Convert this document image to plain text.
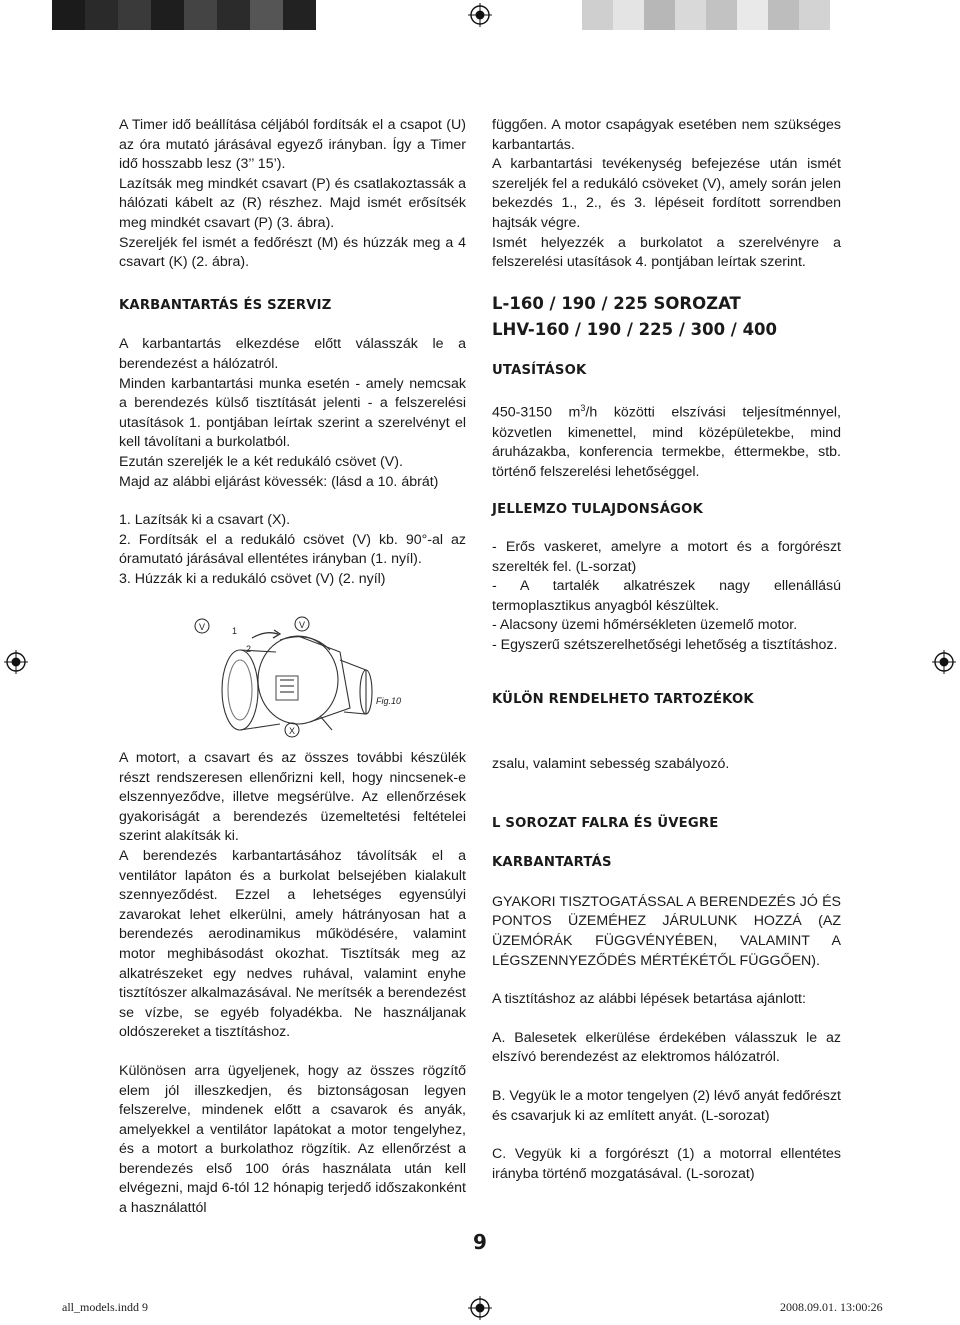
A Timer idő beállítása céljából fordítsák el a csapot (U) az óra mutató járásával egyező irányban. Így a Timer idő hosszabb lesz (3’’ 15’).

Lazítsák meg mindkét csavart (P) és csatlakoztassák a hálózati kábelt az (R) részhez. Majd ismét erősítsék meg mindkét csavart (P) (3. ábra).

Szereljék fel ismét a fedőrészt (M) és húzzák meg a 4 csavart (K) (2. ábra).

KARBANTARTÁS ÉS SZERVIZ

A karbantartás elkezdése előtt válasszák le a berendezést a hálózatról.

Minden karbantartási munka esetén - amely nemcsak a berendezés külső tisztítását jelenti - a felszerelési utasítások 1. pontjában leírtak szerint a szerelvényt el kell távolítani a burkolatból.

Ezután szereljék le a két redukáló csövet (V).

Majd az alábbi eljárást kövessék: (lásd a 10. ábrát)

1. Lazítsák ki a csavart (X).

2. Fordítsák el a redukáló csövet (V) kb. 90°-al az óramutató járásával ellentétes irányban (1. nyíl).

3. Húzzák ki a redukáló csövet (V) (2. nyíl)

V	V
X
1
2
Fig.10

A motort, a csavart és az összes további készülék részt rendszeresen ellenőrizni kell, hogy nincsenek-e elszennyeződve, illetve megsérülve. Az ellenőrzések gyakoriságát a berendezés üzemeltetési feltételei szerint alakítsák ki.

A berendezés karbantartásához távolítsák el a ventilátor lapáton és a burkolat belsejében kialakult szennyeződést. Ezzel a lehetséges egyensúlyi zavarokat lehet elkerülni, amely hátrányosan hat a berendezés aerodinamikus működésére, valamint motor meghibásodást okozhat. Tisztítsák meg az alkatrészeket egy nedves ruhával, valamint enyhe tisztítószer alkalmazásával. Ne merítsék a berendezést se vízbe, se egyéb folyadékba. Ne használjanak oldószereket a tisztításhoz.

Különösen arra ügyeljenek, hogy az összes rögzítő elem jól illeszkedjen, és biztonságosan legyen felszerelve, mindenek előtt a csavarok és anyák, amelyekkel a ventilátor lapátokat a motor tengelyhez, és a motort a burkolathoz rögzítik. Az ellenőrzést a berendezés első 100 órás használata után kell elvégezni, majd 6-tól 12 hónapig terjedő időszakonként a használattól

függően. A motor csapágyak esetében nem szükséges karbantartás.

A karbantartási tevékenység befejezése után ismét szereljék fel a redukáló csöveket (V), amely során jelen bekezdés 1., 2., és 3. lépéseit fordított sorrendben hajtsák végre.

Ismét helyezzék a burkolatot a szerelvényre a felszerelési utasítások 4. pontjában leírtak szerint.

L-160 / 190 / 225 SOROZAT

LHV-160 / 190 / 225 / 300 / 400

UTASÍTÁSOK

450-3150 $m^3/h$ közötti elszívási teljesítménnyel, közvetlen kimenettel, mind középületekbe, mind áruházakba, konferencia termekbe, éttermekbe, stb. történő felszerelési lehetőséggel.

JELLEMZO TULAJDONSÁGOK

- Erős vaskeret, amelyre a motort és a forgórészt szerelték fel. (L-sorzat)

- A tartalék alkatrészek nagy ellenállású termoplasztikus anyagból készültek.

- Alacsony üzemi hőmérsékleten üzemelő motor.

- Egyszerű szétszerelhetőségi lehetőség a tisztításhoz.

KÜLÖN RENDELHETO TARTOZÉKOK

zsalu, valamint sebesség szabályozó.

L SOROZAT FALRA ÉS ÜVEGRE

KARBANTARTÁS

GYAKORI TISZTOGATÁSSAL A BERENDEZÉS JÓ ÉS PONTOS ÜZEMÉHEZ JÁRULUNK HOZZÁ (AZ ÜZEMÓRÁK FÜGGVÉNYÉBEN, VALAMINT A LÉGSZENNYEZŐDÉS MÉRTÉKÉTŐL FÜGGŐEN).

A tisztításhoz az alábbi lépések betartása ajánlott:

A. Balesetek elkerülése érdekében válasszuk le az elszívó berendezést az elektromos hálózatról.

B. Vegyük le a motor tengelyen (2) lévő anyát fedőrészt és csavarjuk ki az említett anyát. (L-sorozat)

C. Vegyük ki a forgórészt (1) a motorral ellentétes irányba történő mozgatásával. (L-sorozat)

9
all_models.indd 9	2008.09.01. 13:00:26
